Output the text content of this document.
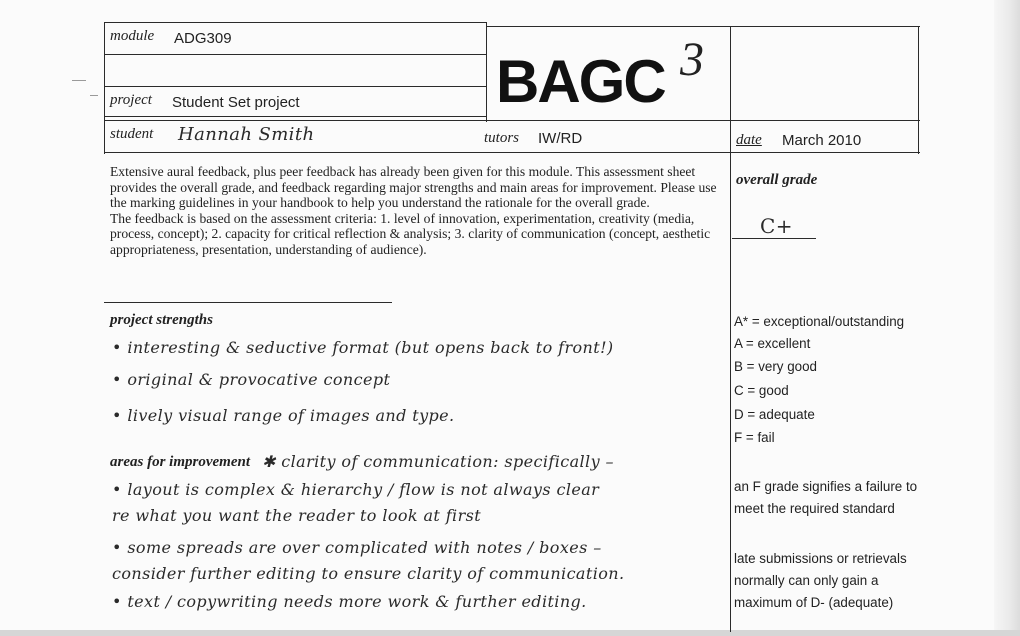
module ADG309
project Student Set project
student Hannah Smith	tutors IW/RD	date March 2010
BAGC 3

Extensive aural feedback, plus peer feedback has already been given for this module. This assessment sheet provides the overall grade, and feedback regarding major strengths and main areas for improvement. Please use the marking guidelines in your handbook to help you understand the rationale for the overall grade.

The feedback is based on the assessment criteria: 1. level of innovation, experimentation, creativity (media, process, concept); 2. capacity for critical reflection & analysis; 3. clarity of communication (concept, aesthetic appropriateness, presentation, understanding of audience).

overall grade
C+
project strengths
• interesting & seductive format (but opens back to front!)
• original & provocative concept
• lively visual range of images and type.
areas for improvement ✱ clarity of communication: specifically –
• layout is complex & hierarchy / flow is not always clear
re what you want the reader to look at first
• some spreads are over complicated with notes / boxes –
consider further editing to ensure clarity of communication.
• text / copywriting needs more work & further editing.
A* = exceptional/outstanding
A = excellent
B = very good
C = good
D = adequate
F = fail
an F grade signifies a failure to meet the required standard
late submissions or retrievals normally can only gain a maximum of D- (adequate)
